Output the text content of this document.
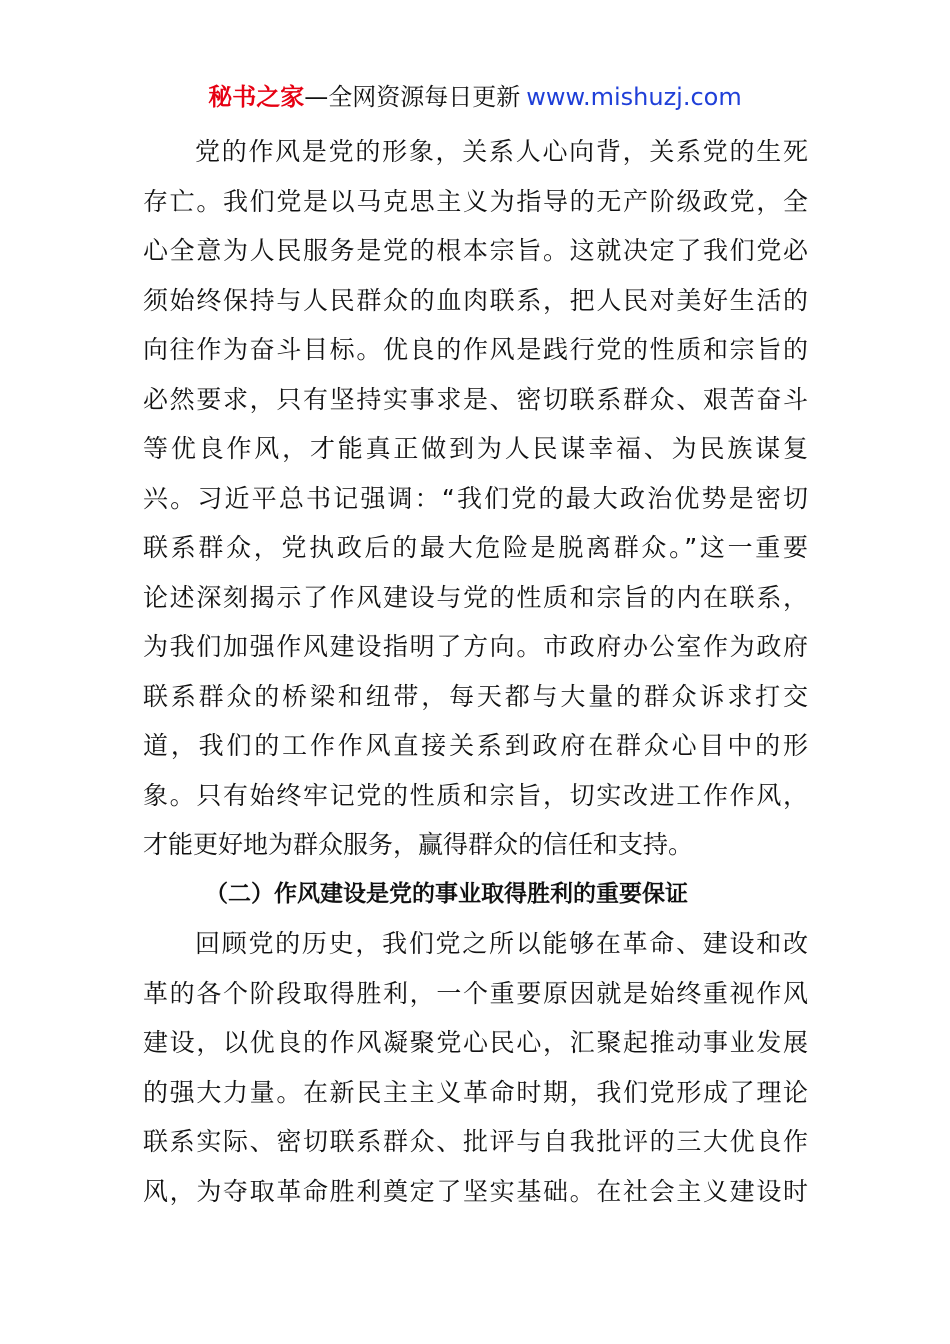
秘书之家—全网资源每日更新 www.mishuzj.com
党的作风是党的形象，关系人心向背，关系党的生死
存亡。我们党是以马克思主义为指导的无产阶级政党，全
心全意为人民服务是党的根本宗旨。这就决定了我们党必
须始终保持与人民群众的血肉联系，把人民对美好生活的
向往作为奋斗目标。优良的作风是践行党的性质和宗旨的
必然要求，只有坚持实事求是、密切联系群众、艰苦奋斗
等优良作风，才能真正做到为人民谋幸福、为民族谋复
兴。习近平总书记强调：“我们党的最大政治优势是密切
联系群众，党执政后的最大危险是脱离群众。”这一重要
论述深刻揭示了作风建设与党的性质和宗旨的内在联系，
为我们加强作风建设指明了方向。市政府办公室作为政府
联系群众的桥梁和纽带，每天都与大量的群众诉求打交
道，我们的工作作风直接关系到政府在群众心目中的形
象。只有始终牢记党的性质和宗旨，切实改进工作作风，
才能更好地为群众服务，赢得群众的信任和支持。
（二）作风建设是党的事业取得胜利的重要保证
回顾党的历史，我们党之所以能够在革命、建设和改
革的各个阶段取得胜利，一个重要原因就是始终重视作风
建设，以优良的作风凝聚党心民心，汇聚起推动事业发展
的强大力量。在新民主主义革命时期，我们党形成了理论
联系实际、密切联系群众、批评与自我批评的三大优良作
风，为夺取革命胜利奠定了坚实基础。在社会主义建设时
